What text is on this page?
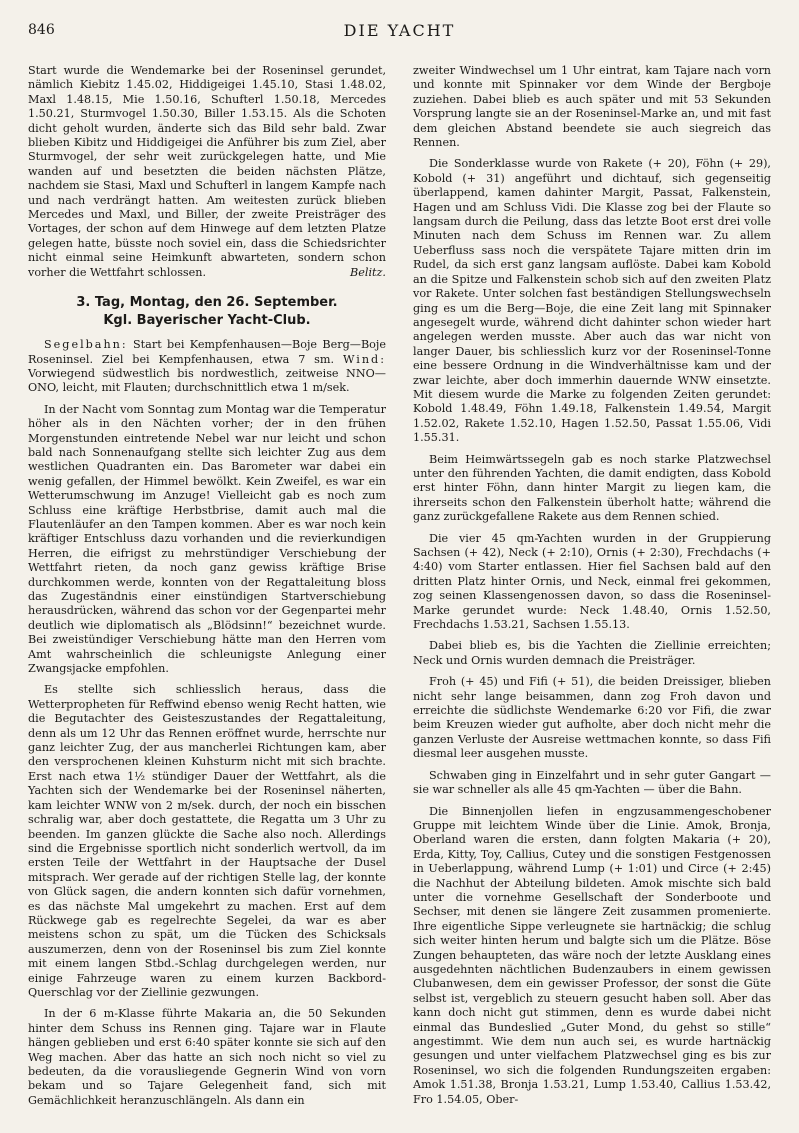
846	DIE YACHT

Start wurde die Wendemarke bei der Roseninsel gerundet, nämlich Kiebitz 1.45.02, Hiddigeigei 1.45.10, Stasi 1.48.02, Maxl 1.48.15, Mie 1.50.16, Schufterl 1.50.18, Mercedes 1.50.21, Sturmvogel 1.50.30, Biller 1.53.15. Als die Schoten dicht geholt wurden, änderte sich das Bild sehr bald. Zwar blieben Kibitz und Hiddigeigei die Anführer bis zum Ziel, aber Sturmvogel, der sehr weit zurückgelegen hatte, und Mie wanden auf und besetzten die beiden nächsten Plätze, nachdem sie Stasi, Maxl und Schufterl in langem Kampfe nach und nach verdrängt hatten. Am weitesten zurück blieben Mercedes und Maxl, und Biller, der zweite Preisträger des Vortages, der schon auf dem Hinwege auf dem letzten Platze gelegen hatte, büsste noch soviel ein, dass die Schiedsrichter nicht einmal seine Heimkunft abwarteten, sondern schon vorher die Wettfahrt schlossen.	Belitz.

3. Tag, Montag, den 26. September.
Kgl. Bayerischer Yacht-Club.

Segelbahn: Start bei Kempfenhausen—Boje Berg—Boje Roseninsel. Ziel bei Kempfenhausen, etwa 7 sm. Wind: Vorwiegend südwestlich bis nordwestlich, zeitweise NNO—ONO, leicht, mit Flauten; durchschnittlich etwa 1 m/sek.

In der Nacht vom Sonntag zum Montag war die Temperatur höher als in den Nächten vorher; der in den frühen Morgenstunden eintretende Nebel war nur leicht und schon bald nach Sonnenaufgang stellte sich leichter Zug aus dem westlichen Quadranten ein. Das Barometer war dabei ein wenig gefallen, der Himmel bewölkt. Kein Zweifel, es war ein Wetterumschwung im Anzuge! Vielleicht gab es noch zum Schluss eine kräftige Herbstbrise, damit auch mal die Flautenläufer an den Tampen kommen. Aber es war noch kein kräftiger Entschluss dazu vorhanden und die revierkundigen Herren, die eifrigst zu mehrstündiger Verschiebung der Wettfahrt rieten, da noch ganz gewiss kräftige Brise durchkommen werde, konnten von der Regattaleitung bloss das Zugeständnis einer einstündigen Startverschiebung herausdrücken, während das schon vor der Gegenpartei mehr deutlich wie diplomatisch als „Blödsinn!“ bezeichnet wurde. Bei zweistündiger Verschiebung hätte man den Herren vom Amt wahrscheinlich die schleunigste Anlegung einer Zwangsjacke empfohlen.

Es stellte sich schliesslich heraus, dass die Wetterpropheten für Reffwind ebenso wenig Recht hatten, wie die Begutachter des Geisteszustandes der Regattaleitung, denn als um 12 Uhr das Rennen eröffnet wurde, herrschte nur ganz leichter Zug, der aus mancherlei Richtungen kam, aber den versprochenen kleinen Kuhsturm nicht mit sich brachte. Erst nach etwa 1½ stündiger Dauer der Wettfahrt, als die Yachten sich der Wendemarke bei der Roseninsel näherten, kam leichter WNW von 2 m/sek. durch, der noch ein bisschen schralig war, aber doch gestattete, die Regatta um 3 Uhr zu beenden. Im ganzen glückte die Sache also noch. Allerdings sind die Ergebnisse sportlich nicht sonderlich wertvoll, da im ersten Teile der Wettfahrt in der Hauptsache der Dusel mitsprach. Wer gerade auf der richtigen Stelle lag, der konnte von Glück sagen, die andern konnten sich dafür vornehmen, es das nächste Mal umgekehrt zu machen. Erst auf dem Rückwege gab es regelrechte Segelei, da war es aber meistens schon zu spät, um die Tücken des Schicksals auszumerzen, denn von der Roseninsel bis zum Ziel konnte mit einem langen Stbd.-Schlag durchgelegen werden, nur einige Fahrzeuge waren zu einem kurzen Backbord-Querschlag vor der Ziellinie gezwungen.

In der 6 m-Klasse führte Makaria an, die 50 Sekunden hinter dem Schuss ins Rennen ging. Tajare war in Flaute hängen geblieben und erst 6:40 später konnte sie sich auf den Weg machen. Aber das hatte an sich noch nicht so viel zu bedeuten, da die vorausliegende Gegnerin Wind von vorn bekam und so Tajare Gelegenheit fand, sich mit Gemächlichkeit heranzuschlängeln. Als dann ein

zweiter Windwechsel um 1 Uhr eintrat, kam Tajare nach vorn und konnte mit Spinnaker vor dem Winde der Bergboje zuziehen. Dabei blieb es auch später und mit 53 Sekunden Vorsprung langte sie an der Roseninsel-Marke an, und mit fast dem gleichen Abstand beendete sie auch siegreich das Rennen.

Die Sonderklasse wurde von Rakete (+ 20), Föhn (+ 29), Kobold (+ 31) angeführt und dichtauf, sich gegenseitig überlappend, kamen dahinter Margit, Passat, Falkenstein, Hagen und am Schluss Vidi. Die Klasse zog bei der Flaute so langsam durch die Peilung, dass das letzte Boot erst drei volle Minuten nach dem Schuss im Rennen war. Zu allem Ueberfluss sass noch die verspätete Tajare mitten drin im Rudel, da sich erst ganz langsam auflöste. Dabei kam Kobold an die Spitze und Falkenstein schob sich auf den zweiten Platz vor Rakete. Unter solchen fast beständigen Stellungswechseln ging es um die Berg—Boje, die eine Zeit lang mit Spinnaker angesegelt wurde, während dicht dahinter schon wieder hart angelegen werden musste. Aber auch das war nicht von langer Dauer, bis schliesslich kurz vor der Roseninsel-Tonne eine bessere Ordnung in die Windverhältnisse kam und der zwar leichte, aber doch immerhin dauernde WNW einsetzte. Mit diesem wurde die Marke zu folgenden Zeiten gerundet: Kobold 1.48.49, Föhn 1.49.18, Falkenstein 1.49.54, Margit 1.52.02, Rakete 1.52.10, Hagen 1.52.50, Passat 1.55.06, Vidi 1.55.31.

Beim Heimwärtssegeln gab es noch starke Platzwechsel unter den führenden Yachten, die damit endigten, dass Kobold erst hinter Föhn, dann hinter Margit zu liegen kam, die ihrerseits schon den Falkenstein überholt hatte; während die ganz zurückgefallene Rakete aus dem Rennen schied.

Die vier 45 qm-Yachten wurden in der Gruppierung Sachsen (+ 42), Neck (+ 2:10), Ornis (+ 2:30), Frechdachs (+ 4:40) vom Starter entlassen. Hier fiel Sachsen bald auf den dritten Platz hinter Ornis, und Neck, einmal frei gekommen, zog seinen Klassengenossen davon, so dass die Roseninsel-Marke gerundet wurde: Neck 1.48.40, Ornis 1.52.50, Frechdachs 1.53.21, Sachsen 1.55.13.

Dabei blieb es, bis die Yachten die Ziellinie erreichten; Neck und Ornis wurden demnach die Preisträger.

Froh (+ 45) und Fifi (+ 51), die beiden Dreissiger, blieben nicht sehr lange beisammen, dann zog Froh davon und erreichte die südlichste Wendemarke 6:20 vor Fifi, die zwar beim Kreuzen wieder gut aufholte, aber doch nicht mehr die ganzen Verluste der Ausreise wettmachen konnte, so dass Fifi diesmal leer ausgehen musste.

Schwaben ging in Einzelfahrt und in sehr guter Gangart — sie war schneller als alle 45 qm-Yachten — über die Bahn.

Die Binnenjollen liefen in engzusammengeschobener Gruppe mit leichtem Winde über die Linie. Amok, Bronja, Oberland waren die ersten, dann folgten Makaria (+ 20), Erda, Kitty, Toy, Callius, Cutey und die sonstigen Festgenossen in Ueberlappung, während Lump (+ 1:01) und Circe (+ 2:45) die Nachhut der Abteilung bildeten. Amok mischte sich bald unter die vornehme Gesellschaft der Sonderboote und Sechser, mit denen sie längere Zeit zusammen promenierte. Ihre eigentliche Sippe verleugnete sie hartnäckig; die schlug sich weiter hinten herum und balgte sich um die Plätze. Böse Zungen behaupteten, das wäre noch der letzte Ausklang eines ausgedehnten nächtlichen Budenzaubers in einem gewissen Clubanwesen, dem ein gewisser Professor, der sonst die Güte selbst ist, vergeblich zu steuern gesucht haben soll. Aber das kann doch nicht gut stimmen, denn es wurde dabei nicht einmal das Bundeslied „Guter Mond, du gehst so stille“ angestimmt. Wie dem nun auch sei, es wurde hartnäckig gesungen und unter vielfachem Platzwechsel ging es bis zur Roseninsel, wo sich die folgenden Rundungszeiten ergaben: Amok 1.51.38, Bronja 1.53.21, Lump 1.53.40, Callius 1.53.42, Fro 1.54.05, Ober-
